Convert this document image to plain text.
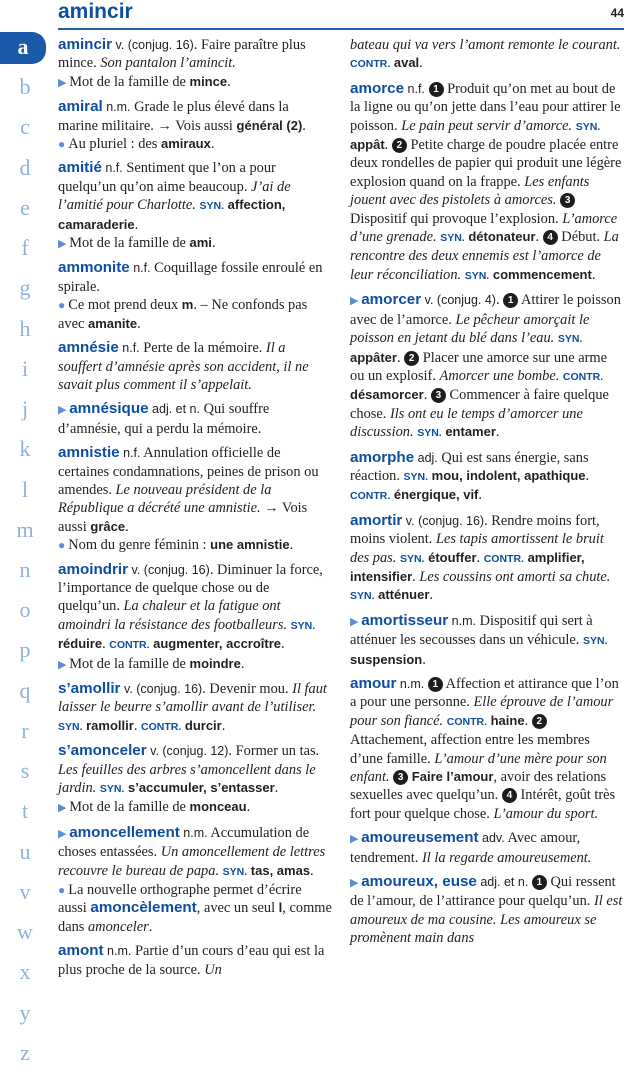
amincir	44
a
b
c
d
e
f
g
h
i
j
k
l
m
n
o
p
q
r
s
t
u
v
w
x
y
z

amincir v. (conjug. 16). Faire paraître plus mince. Son pantalon l’amincit.

▶ Mot de la famille de mince.

amiral n.m. Grade le plus élevé dans la marine militaire. → Vois aussi général (2).

● Au pluriel : des amiraux.

amitié n.f. Sentiment que l’on a pour quelqu’un qu’on aime beaucoup. J’ai de l’amitié pour Charlotte. SYN. affection, camaraderie.

▶ Mot de la famille de ami.

ammonite n.f. Coquillage fossile enroulé en spirale.

● Ce mot prend deux m. – Ne confonds pas avec amanite.

amnésie n.f. Perte de la mémoire. Il a souffert d’amnésie après son accident, il ne savait plus comment il s’appelait.

▶ amnésique adj. et n. Qui souffre d’amnésie, qui a perdu la mémoire.

amnistie n.f. Annulation officielle de certaines condamnations, peines de prison ou amendes. Le nouveau président de la République a décrété une amnistie. → Vois aussi grâce.

● Nom du genre féminin : une amnistie.

amoindrir v. (conjug. 16). Diminuer la force, l’importance de quelque chose ou de quelqu’un. La chaleur et la fatigue ont amoindri la résistance des footballeurs. SYN. réduire. CONTR. augmenter, accroître.

▶ Mot de la famille de moindre.

s’amollir v. (conjug. 16). Devenir mou. Il faut laisser le beurre s’amollir avant de l’utiliser. SYN. ramollir. CONTR. durcir.

s’amonceler v. (conjug. 12). Former un tas. Les feuilles des arbres s’amoncellent dans le jardin. SYN. s’accumuler, s’entasser.

▶ Mot de la famille de monceau.

▶ amoncellement n.m. Accumulation de choses entassées. Un amoncellement de lettres recouvre le bureau de papa. SYN. tas, amas.

● La nouvelle orthographe permet d’écrire aussi amoncèlement, avec un seul l, comme dans amonceler.

amont n.m. Partie d’un cours d’eau qui est la plus proche de la source. Un

bateau qui va vers l’amont remonte le courant. CONTR. aval.

amorce n.f. 1 Produit qu’on met au bout de la ligne ou qu’on jette dans l’eau pour attirer le poisson. Le pain peut servir d’amorce. SYN. appât. 2 Petite charge de poudre placée entre deux rondelles de papier qui produit une légère explosion quand on la frappe. Les enfants jouent avec des pistolets à amorces. 3 Dispositif qui provoque l’explosion. L’amorce d’une grenade. SYN. détonateur. 4 Début. La rencontre des deux ennemis est l’amorce de leur réconciliation. SYN. commencement.

▶ amorcer v. (conjug. 4). 1 Attirer le poisson avec de l’amorce. Le pêcheur amorçait le poisson en jetant du blé dans l’eau. SYN. appâter. 2 Placer une amorce sur une arme ou un explosif. Amorcer une bombe. CONTR. désamorcer. 3 Commencer à faire quelque chose. Ils ont eu le temps d’amorcer une discussion. SYN. entamer.

amorphe adj. Qui est sans énergie, sans réaction. SYN. mou, indolent, apathique. CONTR. énergique, vif.

amortir v. (conjug. 16). Rendre moins fort, moins violent. Les tapis amortissent le bruit des pas. SYN. étouffer. CONTR. amplifier, intensifier. Les coussins ont amorti sa chute. SYN. atténuer.

▶ amortisseur n.m. Dispositif qui sert à atténuer les secousses dans un véhicule. SYN. suspension.

amour n.m. 1 Affection et attirance que l’on a pour une personne. Elle éprouve de l’amour pour son fiancé. CONTR. haine. 2 Attachement, affection entre les membres d’une famille. L’amour d’une mère pour son enfant. 3 Faire l’amour, avoir des relations sexuelles avec quelqu’un. 4 Intérêt, goût très fort pour quelque chose. L’amour du sport.

▶ amoureusement adv. Avec amour, tendrement. Il la regarde amoureusement.

▶ amoureux, euse adj. et n. 1 Qui ressent de l’amour, de l’attirance pour quelqu’un. Il est amoureux de ma cousine. Les amoureux se promènent main dans
